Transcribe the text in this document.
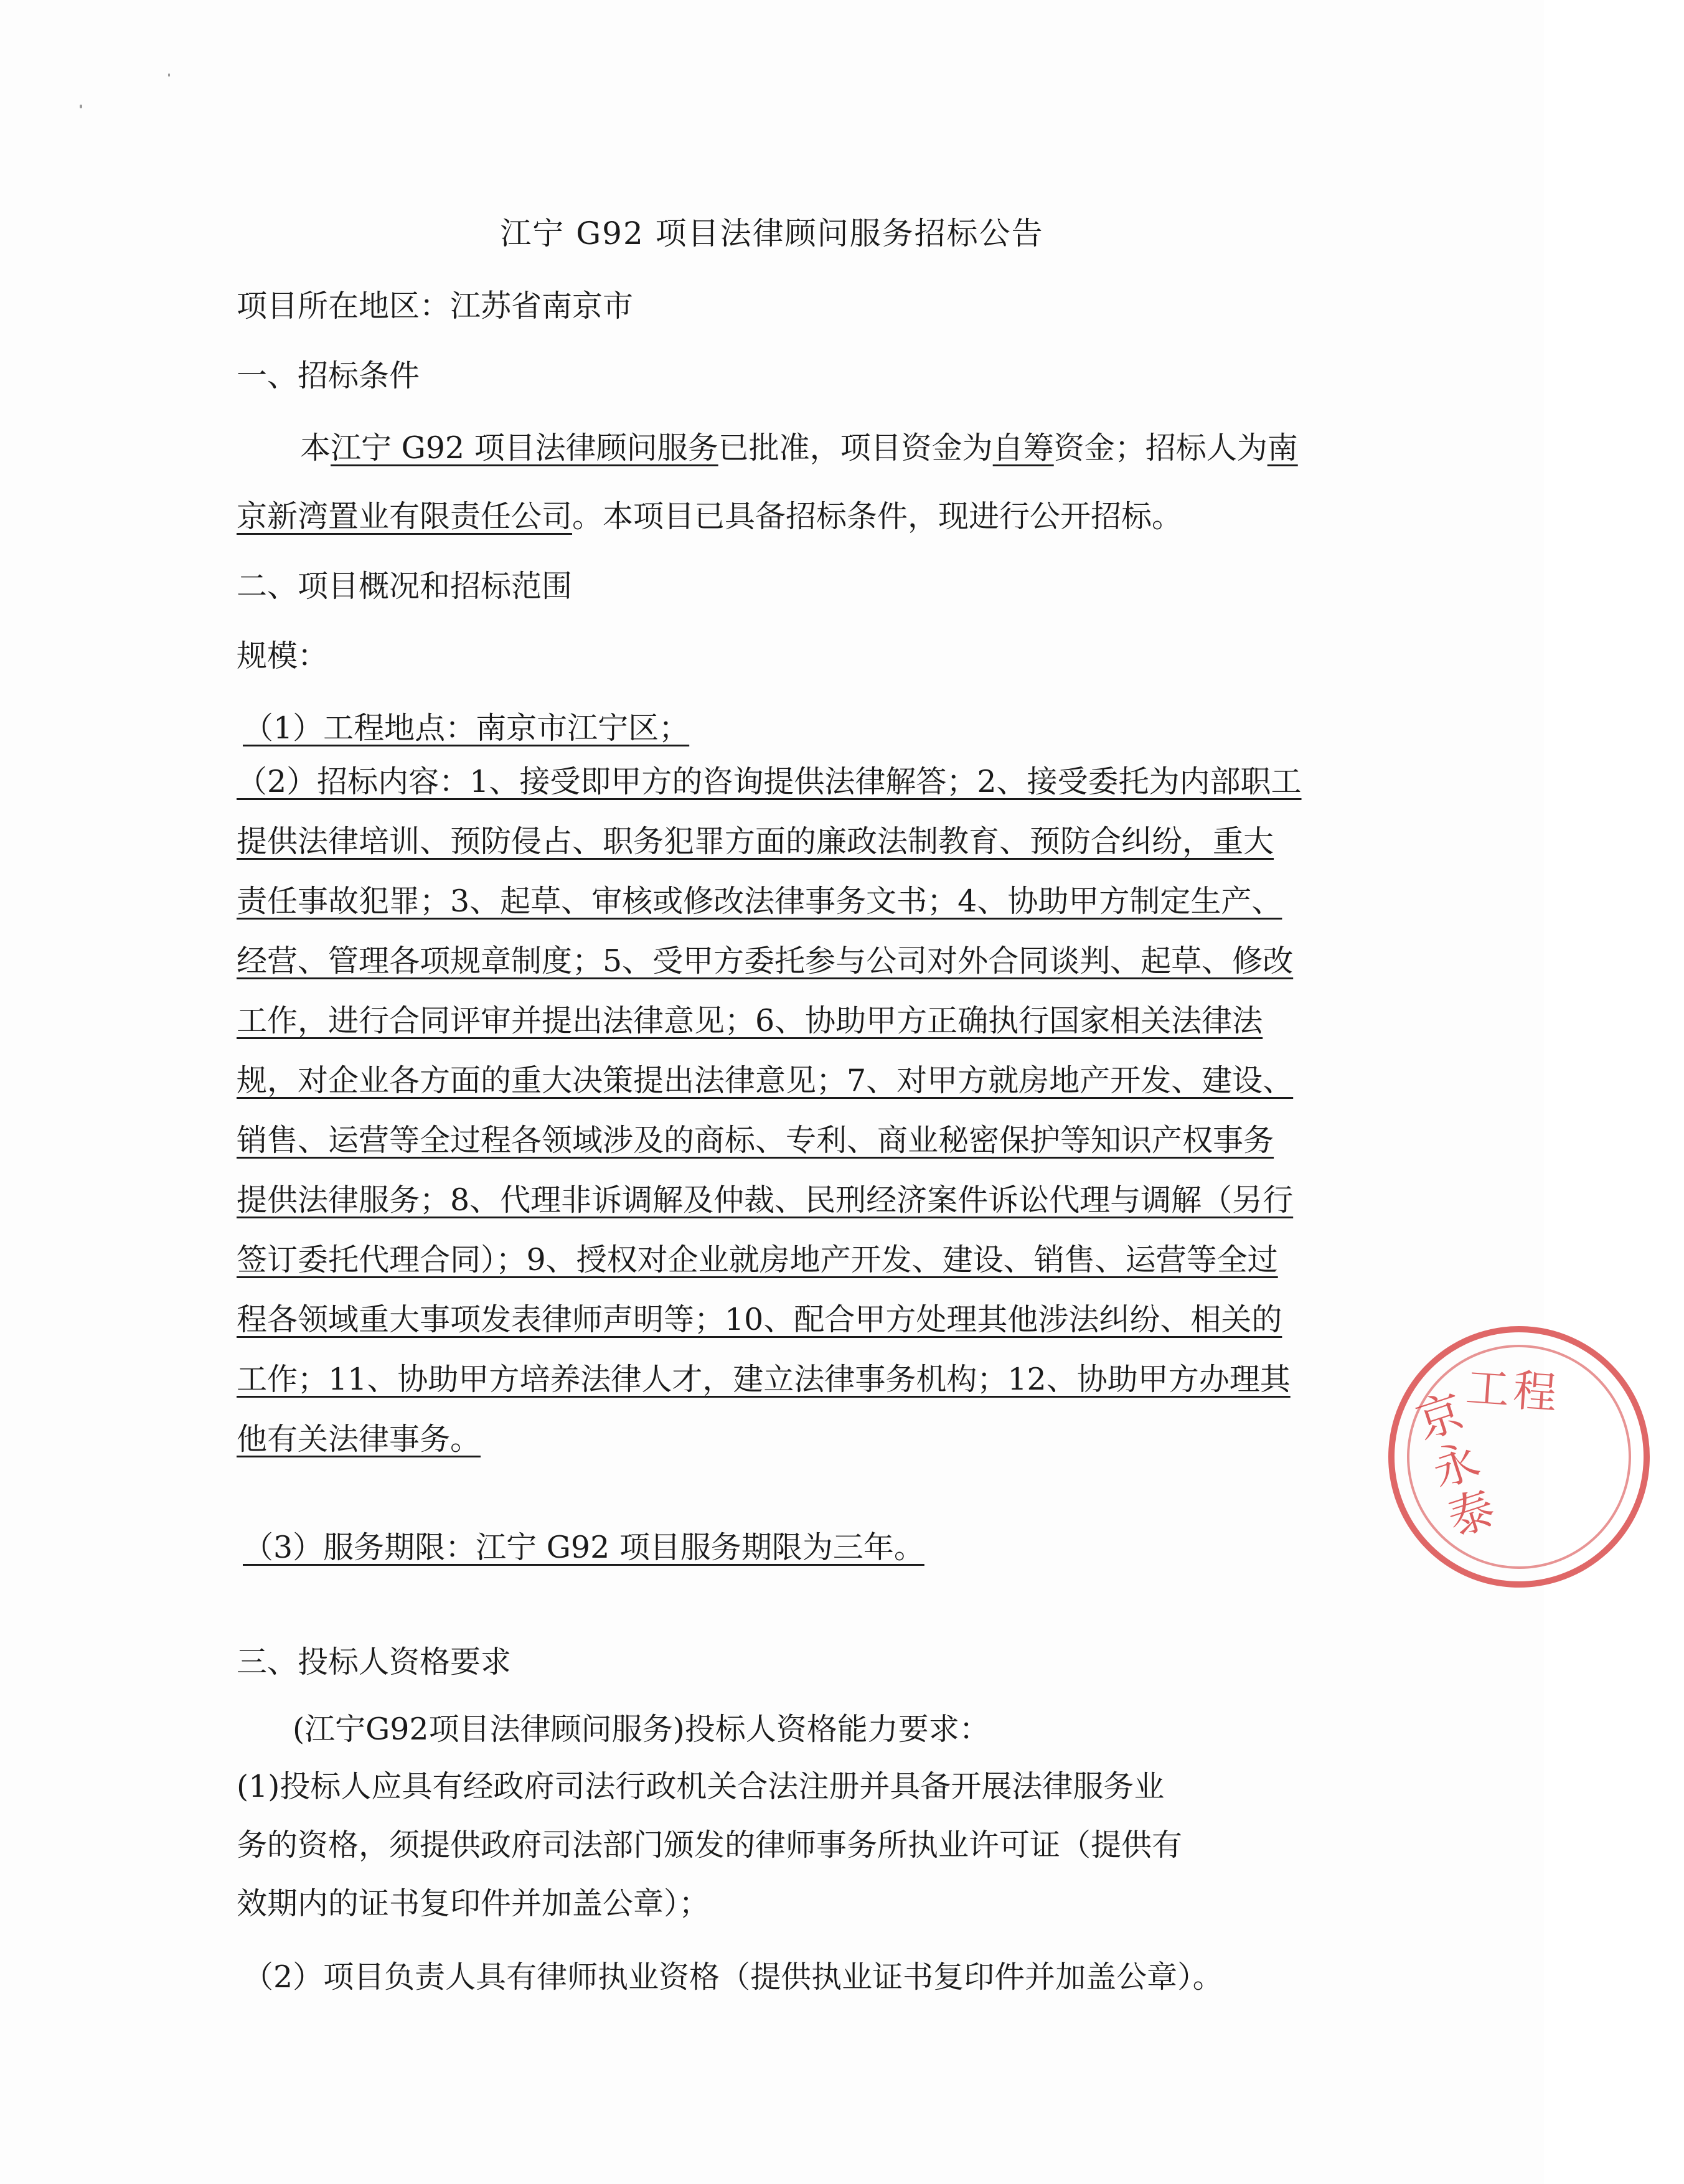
江宁 G92 项目法律顾问服务招标公告
项目所在地区：江苏省南京市
一、招标条件
本江宁 G92 项目法律顾问服务已批准，项目资金为自筹资金；招标人为南
京新湾置业有限责任公司。本项目已具备招标条件，现进行公开招标。
二、项目概况和招标范围
规模：
（1）工程地点：南京市江宁区；
（2）招标内容：1、接受即甲方的咨询提供法律解答；2、接受委托为内部职工
提供法律培训、预防侵占、职务犯罪方面的廉政法制教育、预防合纠纷，重大
责任事故犯罪；3、起草、审核或修改法律事务文书；4、协助甲方制定生产、
经营、管理各项规章制度；5、受甲方委托参与公司对外合同谈判、起草、修改
工作，进行合同评审并提出法律意见；6、协助甲方正确执行国家相关法律法
规，对企业各方面的重大决策提出法律意见；7、对甲方就房地产开发、建设、
销售、运营等全过程各领域涉及的商标、专利、商业秘密保护等知识产权事务
提供法律服务；8、代理非诉调解及仲裁、民刑经济案件诉讼代理与调解（另行
签订委托代理合同）；9、授权对企业就房地产开发、建设、销售、运营等全过
程各领域重大事项发表律师声明等；10、配合甲方处理其他涉法纠纷、相关的
工作；11、协助甲方培养法律人才，建立法律事务机构；12、协助甲方办理其
他有关法律事务。
（3）服务期限：江宁 G92 项目服务期限为三年。
三、投标人资格要求
(江宁G92项目法律顾问服务)投标人资格能力要求：
(1)投标人应具有经政府司法行政机关合法注册并具备开展法律服务业
务的资格，须提供政府司法部门颁发的律师事务所执业许可证（提供有
效期内的证书复印件并加盖公章）；
（2）项目负责人具有律师执业资格（提供执业证书复印件并加盖公章）。
京永泰
工程
